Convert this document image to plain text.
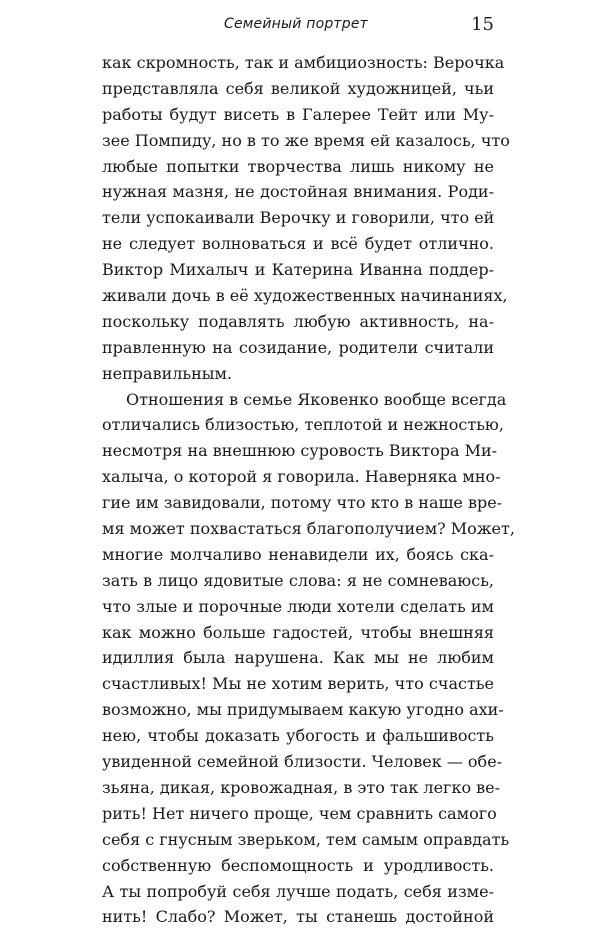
Семейный портрет	15
как скромность, так и амбициозность: Верочка
представляла себя великой художницей, чьи
работы будут висеть в Галерее Тейт или Му-
зее Помпиду, но в то же время ей казалось, что
любые попытки творчества лишь никому не
нужная мазня, не достойная внимания. Роди-
тели успокаивали Верочку и говорили, что ей
не следует волноваться и всё будет отлично.
Виктор Михалыч и Катерина Иванна поддер-
живали дочь в её художественных начинаниях,
поскольку подавлять любую активность, на-
правленную на созидание, родители считали
неправильным.
Отношения в семье Яковенко вообще всегда
отличались близостью, теплотой и нежностью,
несмотря на внешнюю суровость Виктора Ми-
халыча, о которой я говорила. Наверняка мно-
гие им завидовали, потому что кто в наше вре-
мя может похвастаться благополучием? Может,
многие молчаливо ненавидели их, боясь ска-
зать в лицо ядовитые слова: я не сомневаюсь,
что злые и порочные люди хотели сделать им
как можно больше гадостей, чтобы внешняя
идиллия была нарушена. Как мы не любим
счастливых! Мы не хотим верить, что счастье
возможно, мы придумываем какую угодно ахи-
нею, чтобы доказать убогость и фальшивость
увиденной семейной близости. Человек — обе-
зьяна, дикая, кровожадная, в это так легко ве-
рить! Нет ничего проще, чем сравнить самого
себя с гнусным зверьком, тем самым оправдать
собственную беспомощность и уродливость.
А ты попробуй себя лучше подать, себя изме-
нить! Слабо? Может, ты станешь достойной
